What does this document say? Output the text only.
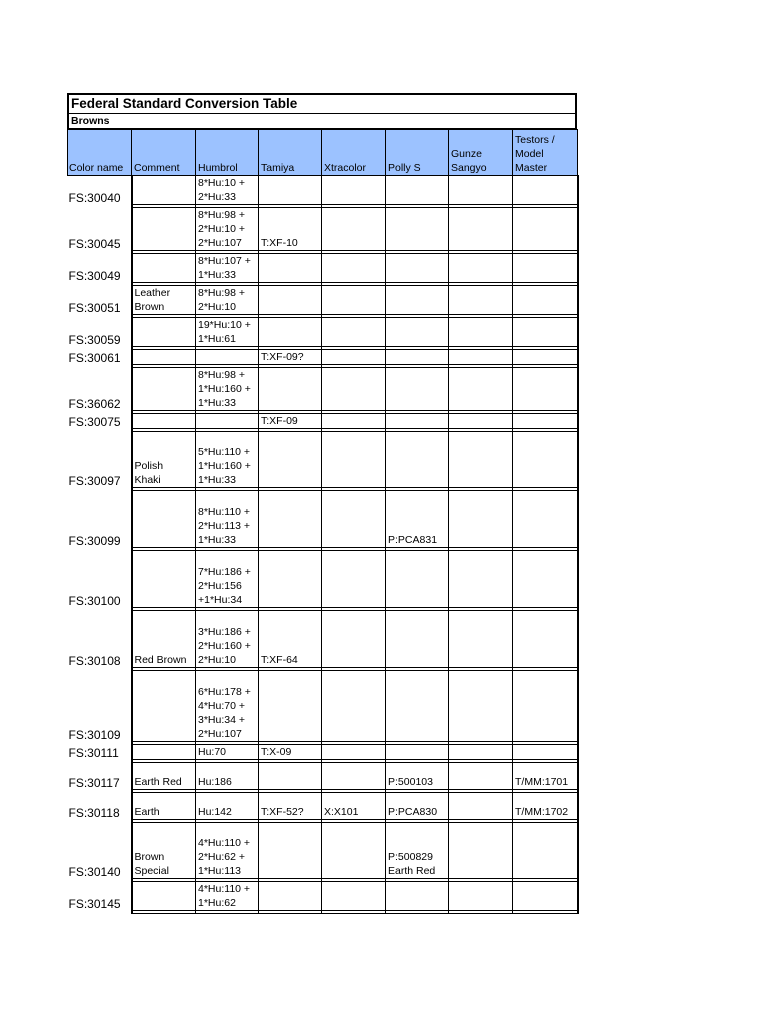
Federal Standard Conversion Table
Browns
Color name	Comment	Humbrol	Tamiya	Xtracolor	Polly S	Gunze
Sangyo	Testors /
Model
Master
FS:30040		8*Hu:10 +
2*Hu:33					

FS:30045		8*Hu:98 +
2*Hu:10 +
2*Hu:107	T:XF-10				

FS:30049		8*Hu:107 +
1*Hu:33					

FS:30051	Leather
Brown	8*Hu:98 +
2*Hu:10					

FS:30059		19*Hu:10 +
1*Hu:61					

FS:30061			T:XF-09?				

FS:36062		8*Hu:98 +
1*Hu:160 +
1*Hu:33					

FS:30075			T:XF-09				

FS:30097	Polish
Khaki	5*Hu:110 +
1*Hu:160 +
1*Hu:33					

FS:30099		8*Hu:110 +
2*Hu:113 +
1*Hu:33			P:PCA831		

FS:30100		7*Hu:186 +
2*Hu:156
+1*Hu:34					

FS:30108	Red Brown	3*Hu:186 +
2*Hu:160 +
2*Hu:10	T:XF-64				

FS:30109		6*Hu:178 +
4*Hu:70 +
3*Hu:34 +
2*Hu:107					

FS:30111		Hu:70	T:X-09				

FS:30117	Earth Red	Hu:186			P:500103		T/MM:1701

FS:30118	Earth	Hu:142	T:XF-52?	X:X101	P:PCA830		T/MM:1702

FS:30140	Brown
Special	4*Hu:110 +
2*Hu:62 +
1*Hu:113			P:500829
Earth Red		

FS:30145		4*Hu:110 +
1*Hu:62					
